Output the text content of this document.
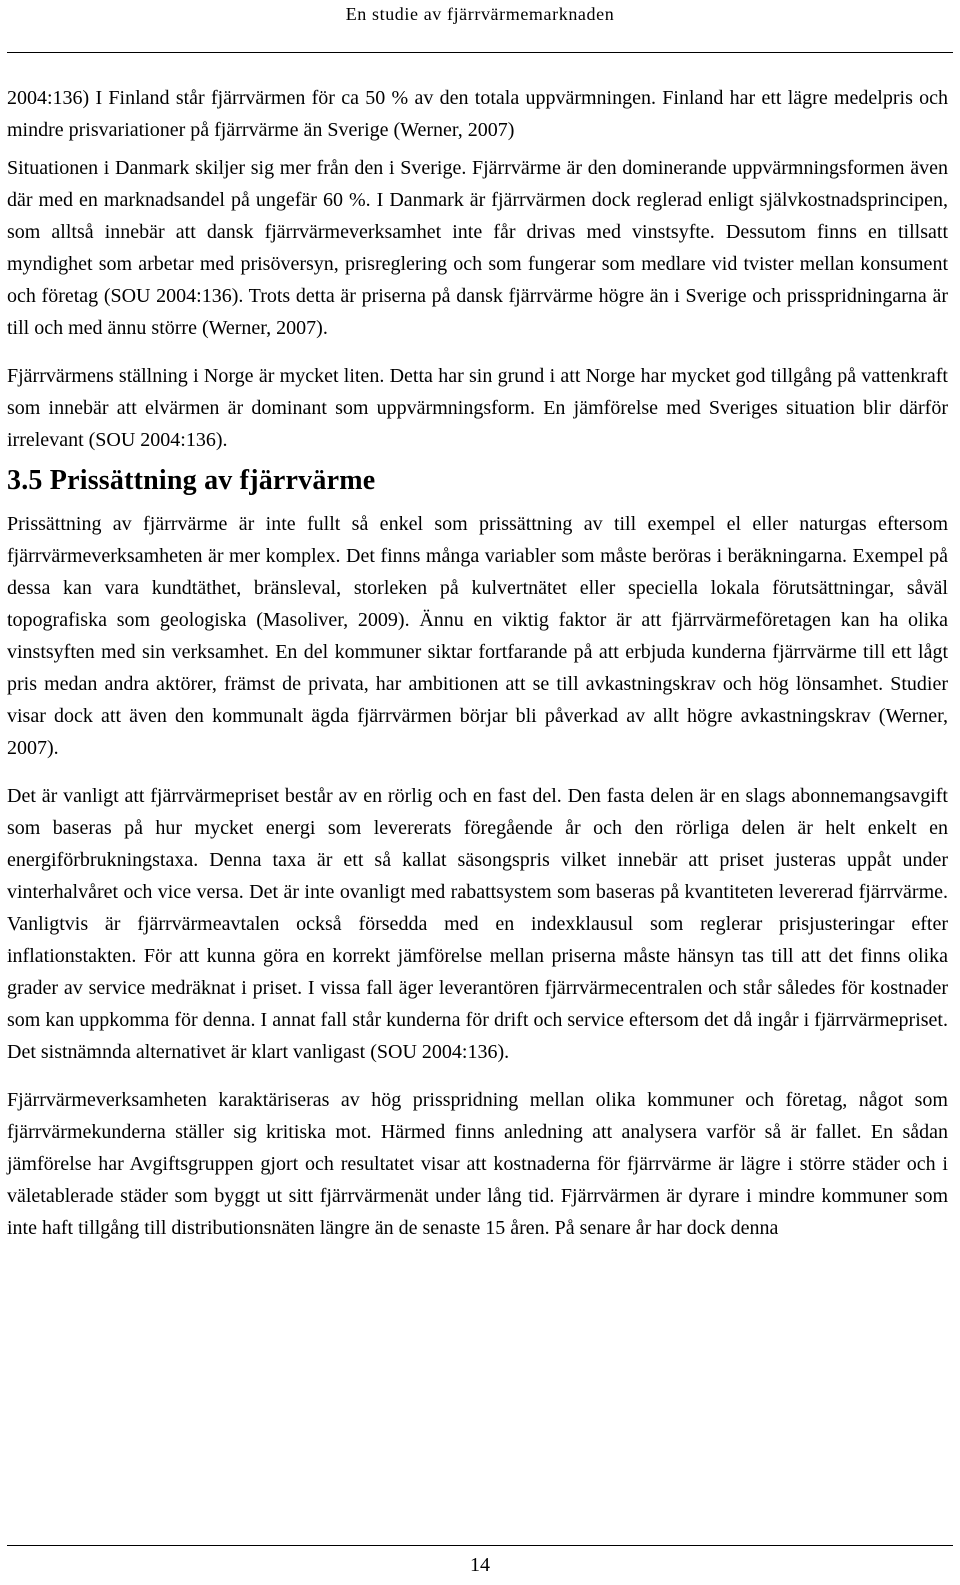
En studie av fjärrvärmemarknaden

2004:136) I Finland står fjärrvärmen för ca 50 % av den totala uppvärmningen. Finland har ett lägre medelpris och mindre prisvariationer på fjärrvärme än Sverige (Werner, 2007)

Situationen i Danmark skiljer sig mer från den i Sverige. Fjärrvärme är den dominerande uppvärmningsformen även där med en marknadsandel på ungefär 60 %. I Danmark är fjärrvärmen dock reglerad enligt självkostnadsprincipen, som alltså innebär att dansk fjärrvärmeverksamhet inte får drivas med vinstsyfte. Dessutom finns en tillsatt myndighet som arbetar med prisöversyn, prisreglering och som fungerar som medlare vid tvister mellan konsument och företag (SOU 2004:136). Trots detta är priserna på dansk fjärrvärme högre än i Sverige och prisspridningarna är till och med ännu större (Werner, 2007).

Fjärrvärmens ställning i Norge är mycket liten. Detta har sin grund i att Norge har mycket god tillgång på vattenkraft som innebär att elvärmen är dominant som uppvärmningsform. En jämförelse med Sveriges situation blir därför irrelevant (SOU 2004:136).

3.5 Prissättning av fjärrvärme

Prissättning av fjärrvärme är inte fullt så enkel som prissättning av till exempel el eller naturgas eftersom fjärrvärmeverksamheten är mer komplex. Det finns många variabler som måste beröras i beräkningarna. Exempel på dessa kan vara kundtäthet, bränsleval, storleken på kulvertnätet eller speciella lokala förutsättningar, såväl topografiska som geologiska (Masoliver, 2009). Ännu en viktig faktor är att fjärrvärmeföretagen kan ha olika vinstsyften med sin verksamhet. En del kommuner siktar fortfarande på att erbjuda kunderna fjärrvärme till ett lågt pris medan andra aktörer, främst de privata, har ambitionen att se till avkastningskrav och hög lönsamhet. Studier visar dock att även den kommunalt ägda fjärrvärmen börjar bli påverkad av allt högre avkastningskrav (Werner, 2007).

Det är vanligt att fjärrvärmepriset består av en rörlig och en fast del. Den fasta delen är en slags abonnemangsavgift som baseras på hur mycket energi som levererats föregående år och den rörliga delen är helt enkelt en energiförbrukningstaxa. Denna taxa är ett så kallat säsongspris vilket innebär att priset justeras uppåt under vinterhalvåret och vice versa. Det är inte ovanligt med rabattsystem som baseras på kvantiteten levererad fjärrvärme. Vanligtvis är fjärrvärmeavtalen också försedda med en indexklausul som reglerar prisjusteringar efter inflationstakten. För att kunna göra en korrekt jämförelse mellan priserna måste hänsyn tas till att det finns olika grader av service medräknat i priset. I vissa fall äger leverantören fjärrvärmecentralen och står således för kostnader som kan uppkomma för denna. I annat fall står kunderna för drift och service eftersom det då ingår i fjärrvärmepriset. Det sistnämnda alternativet är klart vanligast (SOU 2004:136).

Fjärrvärmeverksamheten karaktäriseras av hög prisspridning mellan olika kommuner och företag, något som fjärrvärmekunderna ställer sig kritiska mot. Härmed finns anledning att analysera varför så är fallet. En sådan jämförelse har Avgiftsgruppen gjort och resultatet visar att kostnaderna för fjärrvärme är lägre i större städer och i väletablerade städer som byggt ut sitt fjärrvärmenät under lång tid. Fjärrvärmen är dyrare i mindre kommuner som inte haft tillgång till distributionsnäten längre än de senaste 15 åren. På senare år har dock denna

14
